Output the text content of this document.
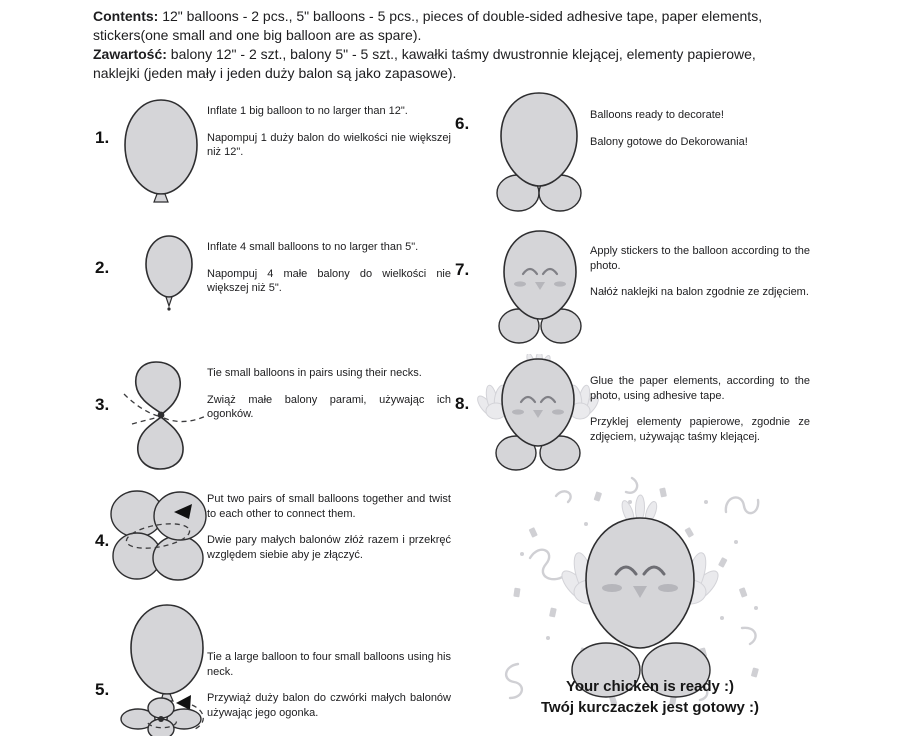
Contents: 12" balloons - 2 pcs., 5" balloons - 5 pcs., pieces of double-sided adhesive tape, paper elements,
stickers(one small and one big balloon are as spare).
Zawartość: balony 12" - 2 szt., balony 5" - 5 szt., kawałki taśmy dwustronnie klejącej, elementy papierowe,
naklejki (jeden mały i jeden duży balon są jako zapasowe).
1.

Inflate 1 big balloon to no larger than 12".

Napompuj 1 duży balon do wielkości nie większej niż 12".

2.

Inflate 4 small balloons to no larger than 5".

Napompuj 4 małe balony do wielkości nie większej niż 5".

3.

Tie small balloons in pairs using their necks.

Zwiąż małe balony parami, używając ich ogonków.

4.

Put two pairs of small balloons together and twist to each other to connect them.

Dwie pary małych balonów złóż razem i przekręć względem siebie aby je złączyć.

5.

Tie a large balloon to four small balloons using his neck.

Przywiąż duży balon do czwórki małych balonów używając jego ogonka.

6.	Balloons ready to decorate!

Balony gotowe do Dekorowania!

7.

Apply stickers to the balloon according to the photo.

Nałóż naklejki na balon zgodnie ze zdjęciem.

8.

Glue the paper elements, according to the photo, using adhesive tape.

Przyklej elementy papierowe, zgodnie ze zdjęciem, używając taśmy klejącej.

Your chicken is ready :)
Twój kurczaczek jest gotowy :)
